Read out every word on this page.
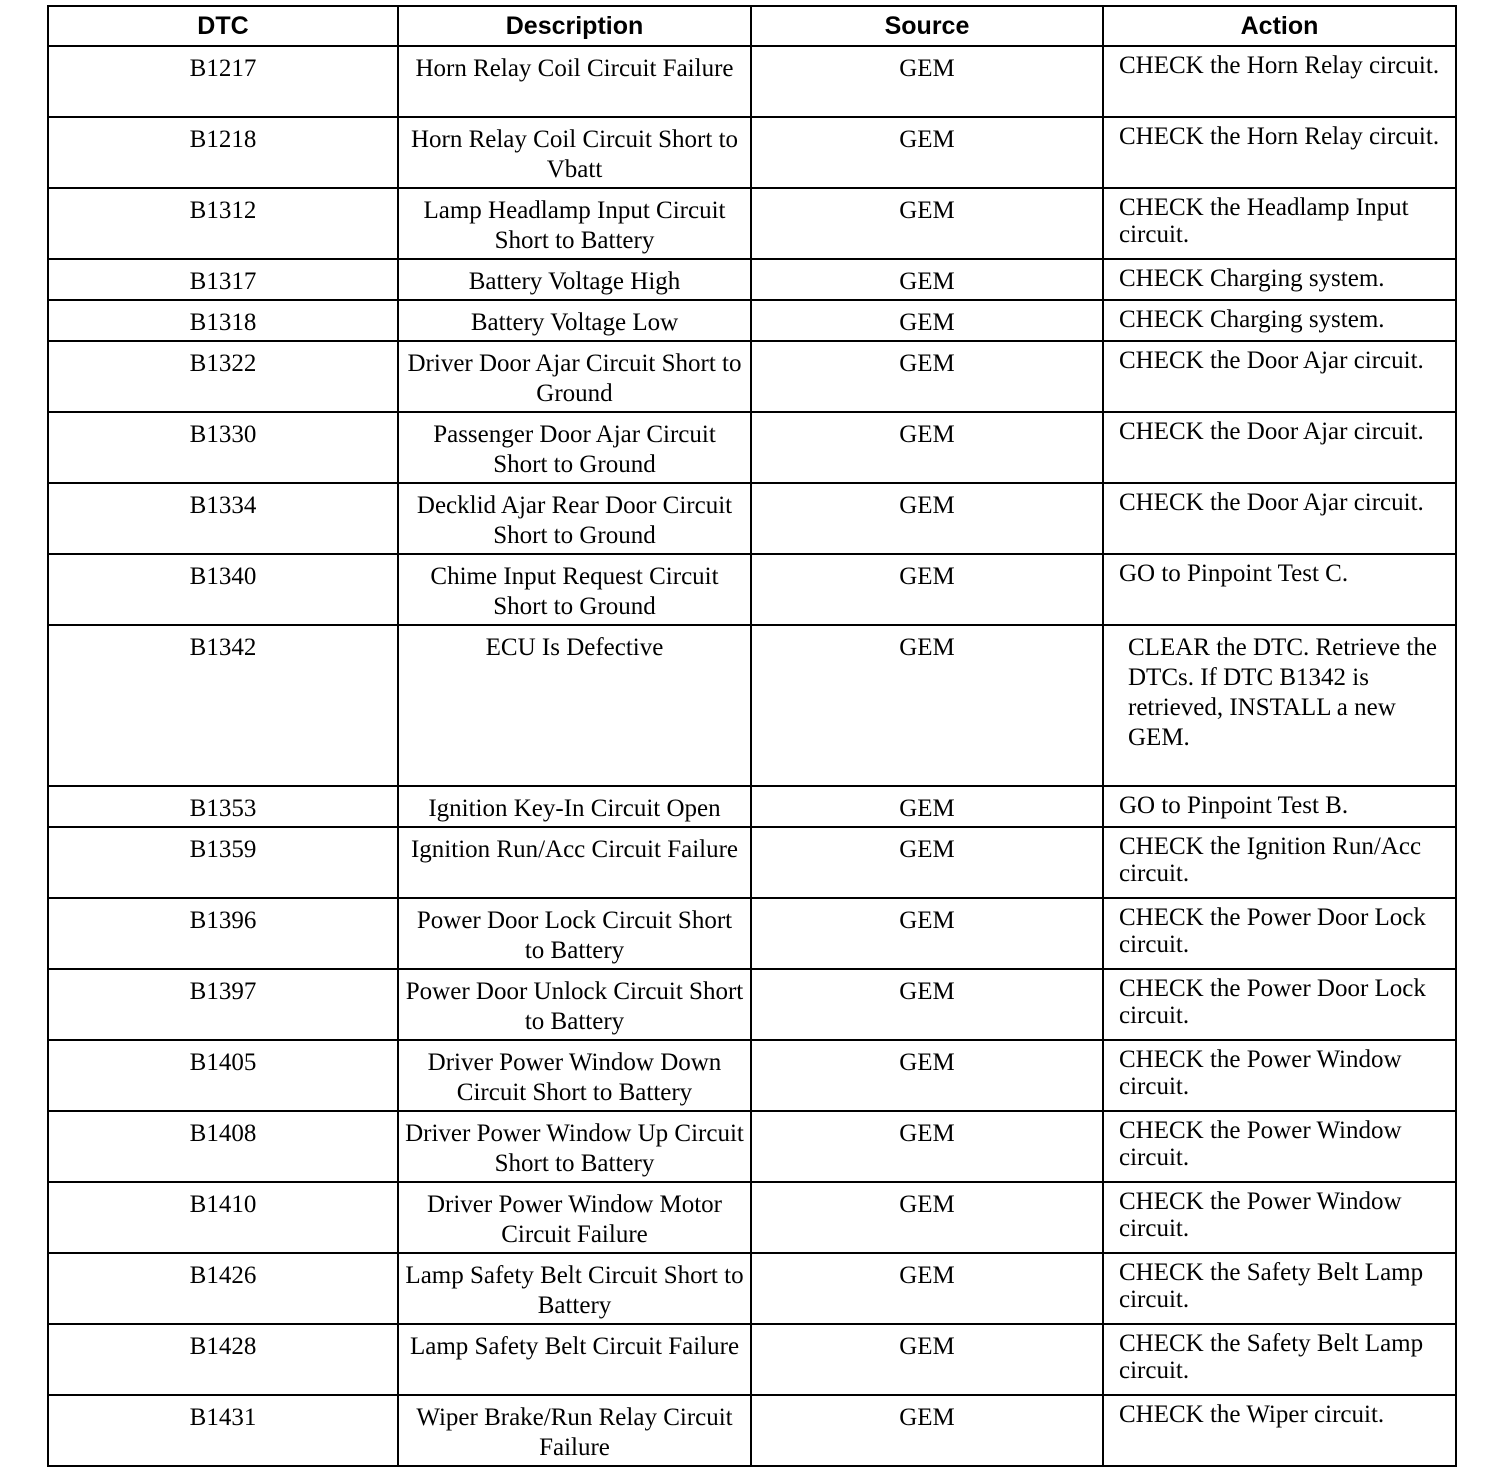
DTC	Description	Source	Action
B1217	Horn Relay Coil Circuit Failure	GEM	CHECK the Horn Relay circuit.
B1218	Horn Relay Coil Circuit Short to Vbatt	GEM	CHECK the Horn Relay circuit.
B1312	Lamp Headlamp Input Circuit Short to Battery	GEM	CHECK the Headlamp Input circuit.
B1317	Battery Voltage High	GEM	CHECK Charging system.
B1318	Battery Voltage Low	GEM	CHECK Charging system.
B1322	Driver Door Ajar Circuit Short to Ground	GEM	CHECK the Door Ajar circuit.
B1330	Passenger Door Ajar Circuit Short to Ground	GEM	CHECK the Door Ajar circuit.
B1334	Decklid Ajar Rear Door Circuit Short to Ground	GEM	CHECK the Door Ajar circuit.
B1340	Chime Input Request Circuit Short to Ground	GEM	GO to Pinpoint Test C.
B1342	ECU Is Defective	GEM	CLEAR the DTC. Retrieve the DTCs. If DTC B1342 is retrieved, INSTALL a new GEM.
B1353	Ignition Key-In Circuit Open	GEM	GO to Pinpoint Test B.
B1359	Ignition Run/Acc Circuit Failure	GEM	CHECK the Ignition Run/Acc circuit.
B1396	Power Door Lock Circuit Short to Battery	GEM	CHECK the Power Door Lock circuit.
B1397	Power Door Unlock Circuit Short to Battery	GEM	CHECK the Power Door Lock circuit.
B1405	Driver Power Window Down Circuit Short to Battery	GEM	CHECK the Power Window circuit.
B1408	Driver Power Window Up Circuit Short to Battery	GEM	CHECK the Power Window circuit.
B1410	Driver Power Window Motor Circuit Failure	GEM	CHECK the Power Window circuit.
B1426	Lamp Safety Belt Circuit Short to Battery	GEM	CHECK the Safety Belt Lamp circuit.
B1428	Lamp Safety Belt Circuit Failure	GEM	CHECK the Safety Belt Lamp circuit.
B1431	Wiper Brake/Run Relay Circuit Failure	GEM	CHECK the Wiper circuit.
